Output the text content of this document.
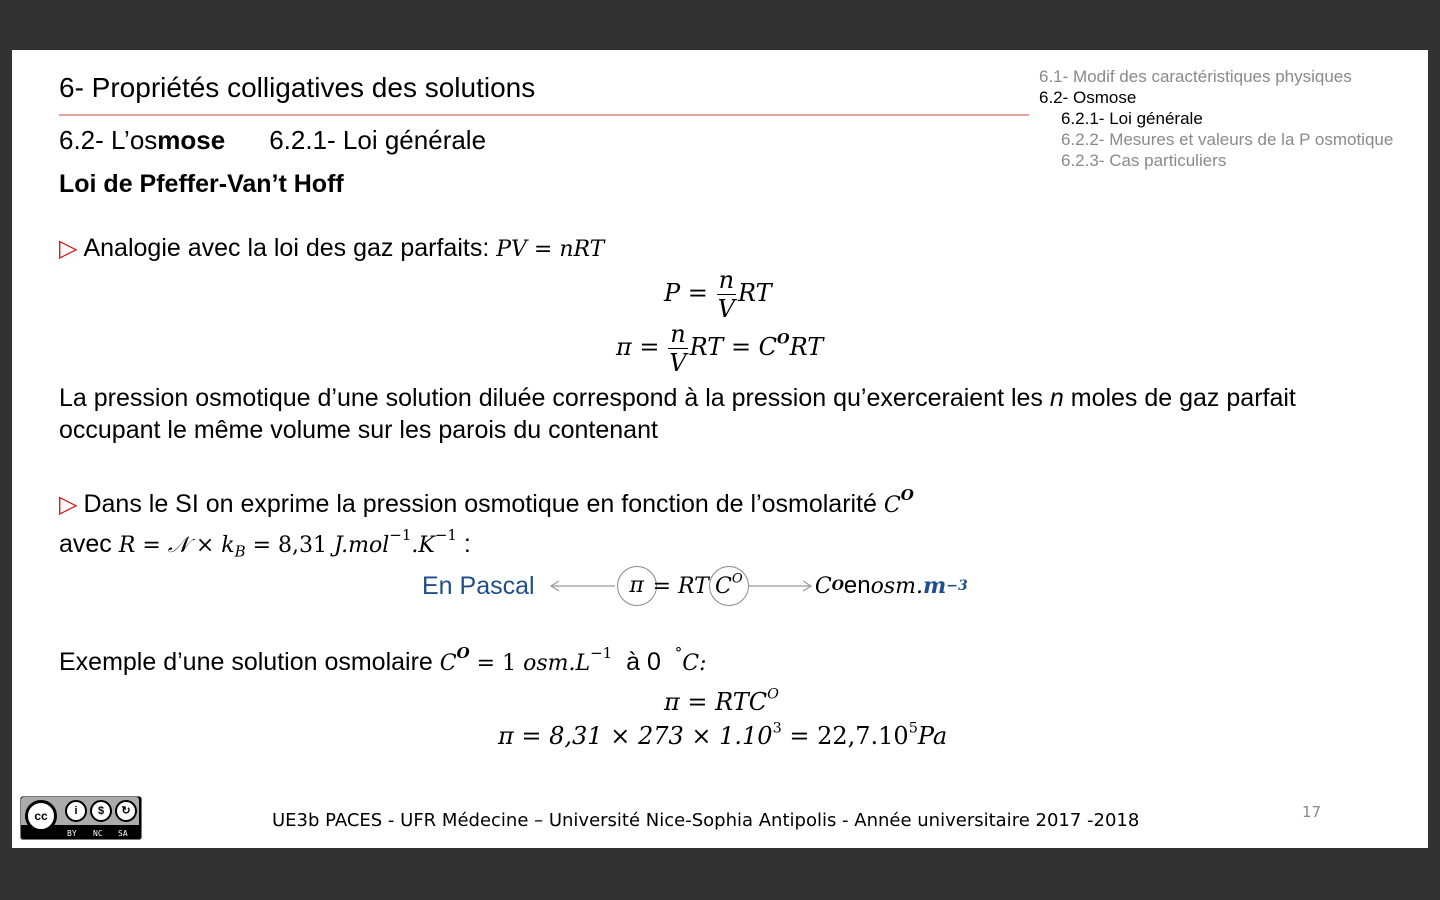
6- Propriétés colligatives des solutions
6.2- L’osmose 6.2.1- Loi générale
Loi de Pfeffer-Van’t Hoff
6.1- Modif des caractéristiques physiques
6.2- Osmose
6.2.1- Loi générale
6.2.2- Mesures et valeurs de la P osmotique
6.2.3- Cas particuliers
▷ Analogie avec la loi des gaz parfaits: PV = nRT
$P = \frac{n}{V}$ RT
$\pi = \frac{n}{V}$ RT = $C^ORT$
La pression osmotique d’une solution diluée correspond à la pression qu’exerceraient les n moles de gaz parfait
occupant le même volume sur les parois du contenant
▷ Dans le SI on exprime la pression osmotique en fonction de l’osmolarité $C^O$
avec R = 𝒩 × $k_B = 8,31$ $J.mol^{-1}.K^{-1}$ :
En Pascal	π = RT $C^O$	C O en osm. m −3
Exemple d’une solution osmolaire $C^O = 1$ $osm.L^{-1}$  à 0  °C:
$\pi = RTC^O$
$\pi = 8,31 \times 273 \times 1.10^3 = 22,7.10^5Pa$
cc	i	$	↻
BY NC SA
UE3b PACES - UFR Médecine – Université Nice-Sophia Antipolis - Année universitaire 2017 -2018	17
